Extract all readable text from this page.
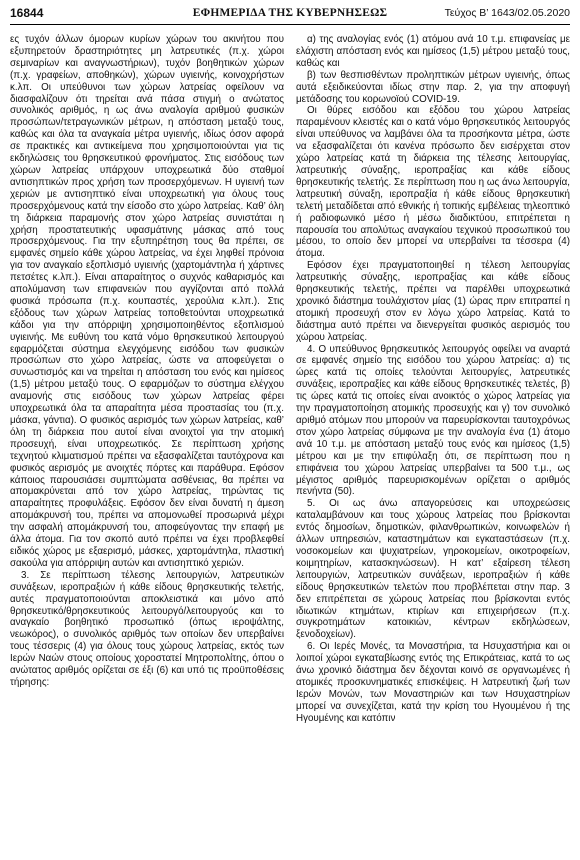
16844	ΕΦΗΜΕΡΙΔΑ ΤΗΣ ΚΥΒΕΡΝΗΣΕΩΣ	Τεύχος Β’ 1643/02.05.2020

ες τυχόν άλλων όμορων κυρίων χώρων του ακινήτου που εξυπηρετούν δραστηριότητες μη λατρευτικές (π.χ. χώροι σεμιναρίων και αναγνωστήριων), τυχόν βοηθητικών χώρων (π.χ. γραφείων, αποθηκών), χώρων υγιεινής, κοινοχρήστων κ.λπ. Οι υπεύθυνοι των χώρων λατρείας οφείλουν να διασφαλίζουν ότι τηρείται ανά πάσα στιγμή ο ανώτατος συνολικός αριθμός, η ως άνω αναλογία αριθμού φυσικών προσώπων/τετραγωνικών μέτρων, η απόσταση μεταξύ τους, καθώς και όλα τα αναγκαία μέτρα υγιεινής, ιδίως όσον αφορά σε πρακτικές και αντικείμενα που χρησιμοποιούνται για τις εκδηλώσεις του θρησκευτικού φρονήματος. Στις εισόδους των χώρων λατρείας υπάρχουν υποχρεωτικά δύο σταθμοί αντισηπτικών προς χρήση των προσερχόμενων. Η υγιεινή των χεριών με αντισηπτικό είναι υποχρεωτική για όλους τους προσερχόμενους κατά την είσοδο στο χώρο λατρείας. Καθ’ όλη τη διάρκεια παραμονής στον χώρο λατρείας συνιστάται η χρήση προστατευτικής υφασμάτινης μάσκας από τους προσερχόμενους. Για την εξυπηρέτηση τους θα πρέπει, σε εμφανές σημείο κάθε χώρου λατρείας, να έχει ληφθεί πρόνοια για τον αναγκαίο εξοπλισμό υγιεινής (χαρτομάντηλα ή χάρτινες πετσέτες κ.λπ.). Είναι απαραίτητος ο συχνός καθαρισμός και απολύμανση των επιφανειών που αγγίζονται από πολλά φυσικά πρόσωπα (π.χ. κουπαστές, χερούλια κ.λπ.). Στις εξόδους των χώρων λατρείας τοποθετούνται υποχρεωτικά κάδοι για την απόρριψη χρησιμοποιηθέντος εξοπλισμού υγιεινής. Με ευθύνη του κατά νόμο θρησκευτικού λειτουργού εφαρμόζεται σύστημα ελεγχόμενης εισόδου των φυσικών προσώπων στο χώρο λατρείας, ώστε να αποφεύγεται ο συνωστισμός και να τηρείται η απόσταση του ενός και ημίσεος (1,5) μέτρου μεταξύ τους. Ο εφαρμόζων το σύστημα ελέγχου αναμονής στις εισόδους των χώρων λατρείας φέρει υποχρεωτικά όλα τα απαραίτητα μέσα προστασίας του (π.χ. μάσκα, γάντια). Ο φυσικός αερισμός των χώρων λατρείας, καθ’ όλη τη διάρκεια που αυτοί είναι ανοιχτοί για την ατομική προσευχή, είναι υποχρεωτικός. Σε περίπτωση χρήσης τεχνητού κλιματισμού πρέπει να εξασφαλίζεται ταυτόχρονα και φυσικός αερισμός με ανοιχτές πόρτες και παράθυρα. Εφόσον κάποιος παρουσιάσει συμπτώματα ασθένειας, θα πρέπει να απομακρύνεται από τον χώρο λατρείας, τηρώντας τις απαραίτητες προφυλάξεις. Εφόσον δεν είναι δυνατή η άμεση απομάκρυνσή του, πρέπει να απομονωθεί προσωρινά μέχρι την ασφαλή απομάκρυνσή του, αποφεύγοντας την επαφή με άλλα άτομα. Για τον σκοπό αυτό πρέπει να έχει προβλεφθεί ειδικός χώρος με εξαερισμό, μάσκες, χαρτομάντηλα, πλαστική σακούλα για απόρριψη αυτών και αντισηπτικό χεριών.

3. Σε περίπτωση τέλεσης λειτουργιών, λατρευτικών συνάξεων, ιεροπραξιών ή κάθε είδους θρησκευτικής τελετής, αυτές πραγματοποιούνται αποκλειστικά και μόνο από θρησκευτικό/θρησκευτικούς λειτουργό/λειτουργούς και το αναγκαίο βοηθητικό προσωπικό (όπως ιεροψάλτης, νεωκόρος), ο συνολικός αριθμός των οποίων δεν υπερβαίνει τους τέσσερις (4) για όλους τους χώρους λατρείας, εκτός των Ιερών Ναών στους οποίους χοροστατεί Μητροπολίτης, όπου ο ανώτατος αριθμός ορίζεται σε έξι (6) και υπό τις προϋποθέσεις τήρησης:

α) της αναλογίας ενός (1) ατόμου ανά 10 τ.μ. επιφανείας με ελάχιστη απόσταση ενός και ημίσεος (1,5) μέτρου μεταξύ τους, καθώς και

β) των θεσπισθέντων προληπτικών μέτρων υγιεινής, όπως αυτά εξειδικεύονται ιδίως στην παρ. 2, για την αποφυγή μετάδοσης του κορωνοϊού COVID-19.

Οι θύρες εισόδου και εξόδου του χώρου λατρείας παραμένουν κλειστές και ο κατά νόμο θρησκευτικός λειτουργός είναι υπεύθυνος να λαμβάνει όλα τα προσήκοντα μέτρα, ώστε να εξασφαλίζεται ότι κανένα πρόσωπο δεν εισέρχεται στον χώρο λατρείας κατά τη διάρκεια της τέλεσης λειτουργίας, λατρευτικής σύναξης, ιεροπραξίας και κάθε είδους θρησκευτικής τελετής. Σε περίπτωση που η ως άνω λειτουργία, λατρευτική σύναξη, ιεροπραξία ή κάθε είδους θρησκευτική τελετή μεταδίδεται από εθνικής ή τοπικής εμβέλειας τηλεοπτικό ή ραδιοφωνικό μέσο ή μέσω διαδικτύου, επιτρέπεται η παρουσία του απολύτως αναγκαίου τεχνικού προσωπικού του μέσου, το οποίο δεν μπορεί να υπερβαίνει τα τέσσερα (4) άτομα.

Εφόσον έχει πραγματοποιηθεί η τέλεση λειτουργίας λατρευτικής σύναξης, ιεροπραξίας και κάθε είδους θρησκευτικής τελετής, πρέπει να παρέλθει υποχρεωτικά χρονικό διάστημα τουλάχιστον μίας (1) ώρας πριν επιτραπεί η ατομική προσευχή στον εν λόγω χώρο λατρείας. Κατά το διάστημα αυτό πρέπει να διενεργείται φυσικός αερισμός του χώρου λατρείας.

4. Ο υπεύθυνος θρησκευτικός λειτουργός οφείλει να αναρτά σε εμφανές σημείο της εισόδου του χώρου λατρείας: α) τις ώρες κατά τις οποίες τελούνται λειτουργίες, λατρευτικές συνάξεις, ιεροπραξίες και κάθε είδους θρησκευτικές τελετές, β) τις ώρες κατά τις οποίες είναι ανοικτός ο χώρος λατρείας για την πραγματοποίηση ατομικής προσευχής και γ) τον συνολικό αριθμό ατόμων που μπορούν να παρευρίσκονται ταυτοχρόνως στον χώρο λατρείας σύμφωνα με την αναλογία ένα (1) άτομο ανά 10 τ.μ. με απόσταση μεταξύ τους ενός και ημίσεος (1,5) μέτρου και με την επιφύλαξη ότι, σε περίπτωση που η επιφάνεια του χώρου λατρείας υπερβαίνει τα 500 τ.μ., ως μέγιστος αριθμός παρευρισκομένων ορίζεται ο αριθμός πενήντα (50).

5. Οι ως άνω απαγορεύσεις και υποχρεώσεις καταλαμβάνουν και τους χώρους λατρείας που βρίσκονται εντός δημοσίων, δημοτικών, φιλανθρωπικών, κοινωφελών ή άλλων υπηρεσιών, καταστημάτων και εγκαταστάσεων (π.χ. νοσοκομείων και ψυχιατρείων, γηροκομείων, οικοτροφείων, κοιμητηρίων, κατασκηνώσεων). Η κατ’ εξαίρεση τέλεση λειτουργιών, λατρευτικών συνάξεων, ιεροπραξιών ή κάθε είδους θρησκευτικών τελετών που προβλέπεται στην παρ. 3 δεν επιτρέπεται σε χώρους λατρείας που βρίσκονται εντός ιδιωτικών κτημάτων, κτιρίων και επιχειρήσεων (π.χ. συγκροτημάτων κατοικιών, κέντρων εκδηλώσεων, ξενοδοχείων).

6. Οι Ιερές Μονές, τα Μοναστήρια, τα Ησυχαστήρια και οι λοιποί χώροι εγκαταβίωσης εντός της Επικράτειας, κατά το ως άνω χρονικό διάστημα δεν δέχονται κοινό σε οργανωμένες ή ατομικές προσκυνηματικές επισκέψεις. Η λατρευτική ζωή των Ιερών Μονών, των Μοναστηριών και των Ησυχαστηρίων μπορεί να συνεχίζεται, κατά την κρίση του Ηγουμένου ή της Ηγουμένης και κατόπιν
